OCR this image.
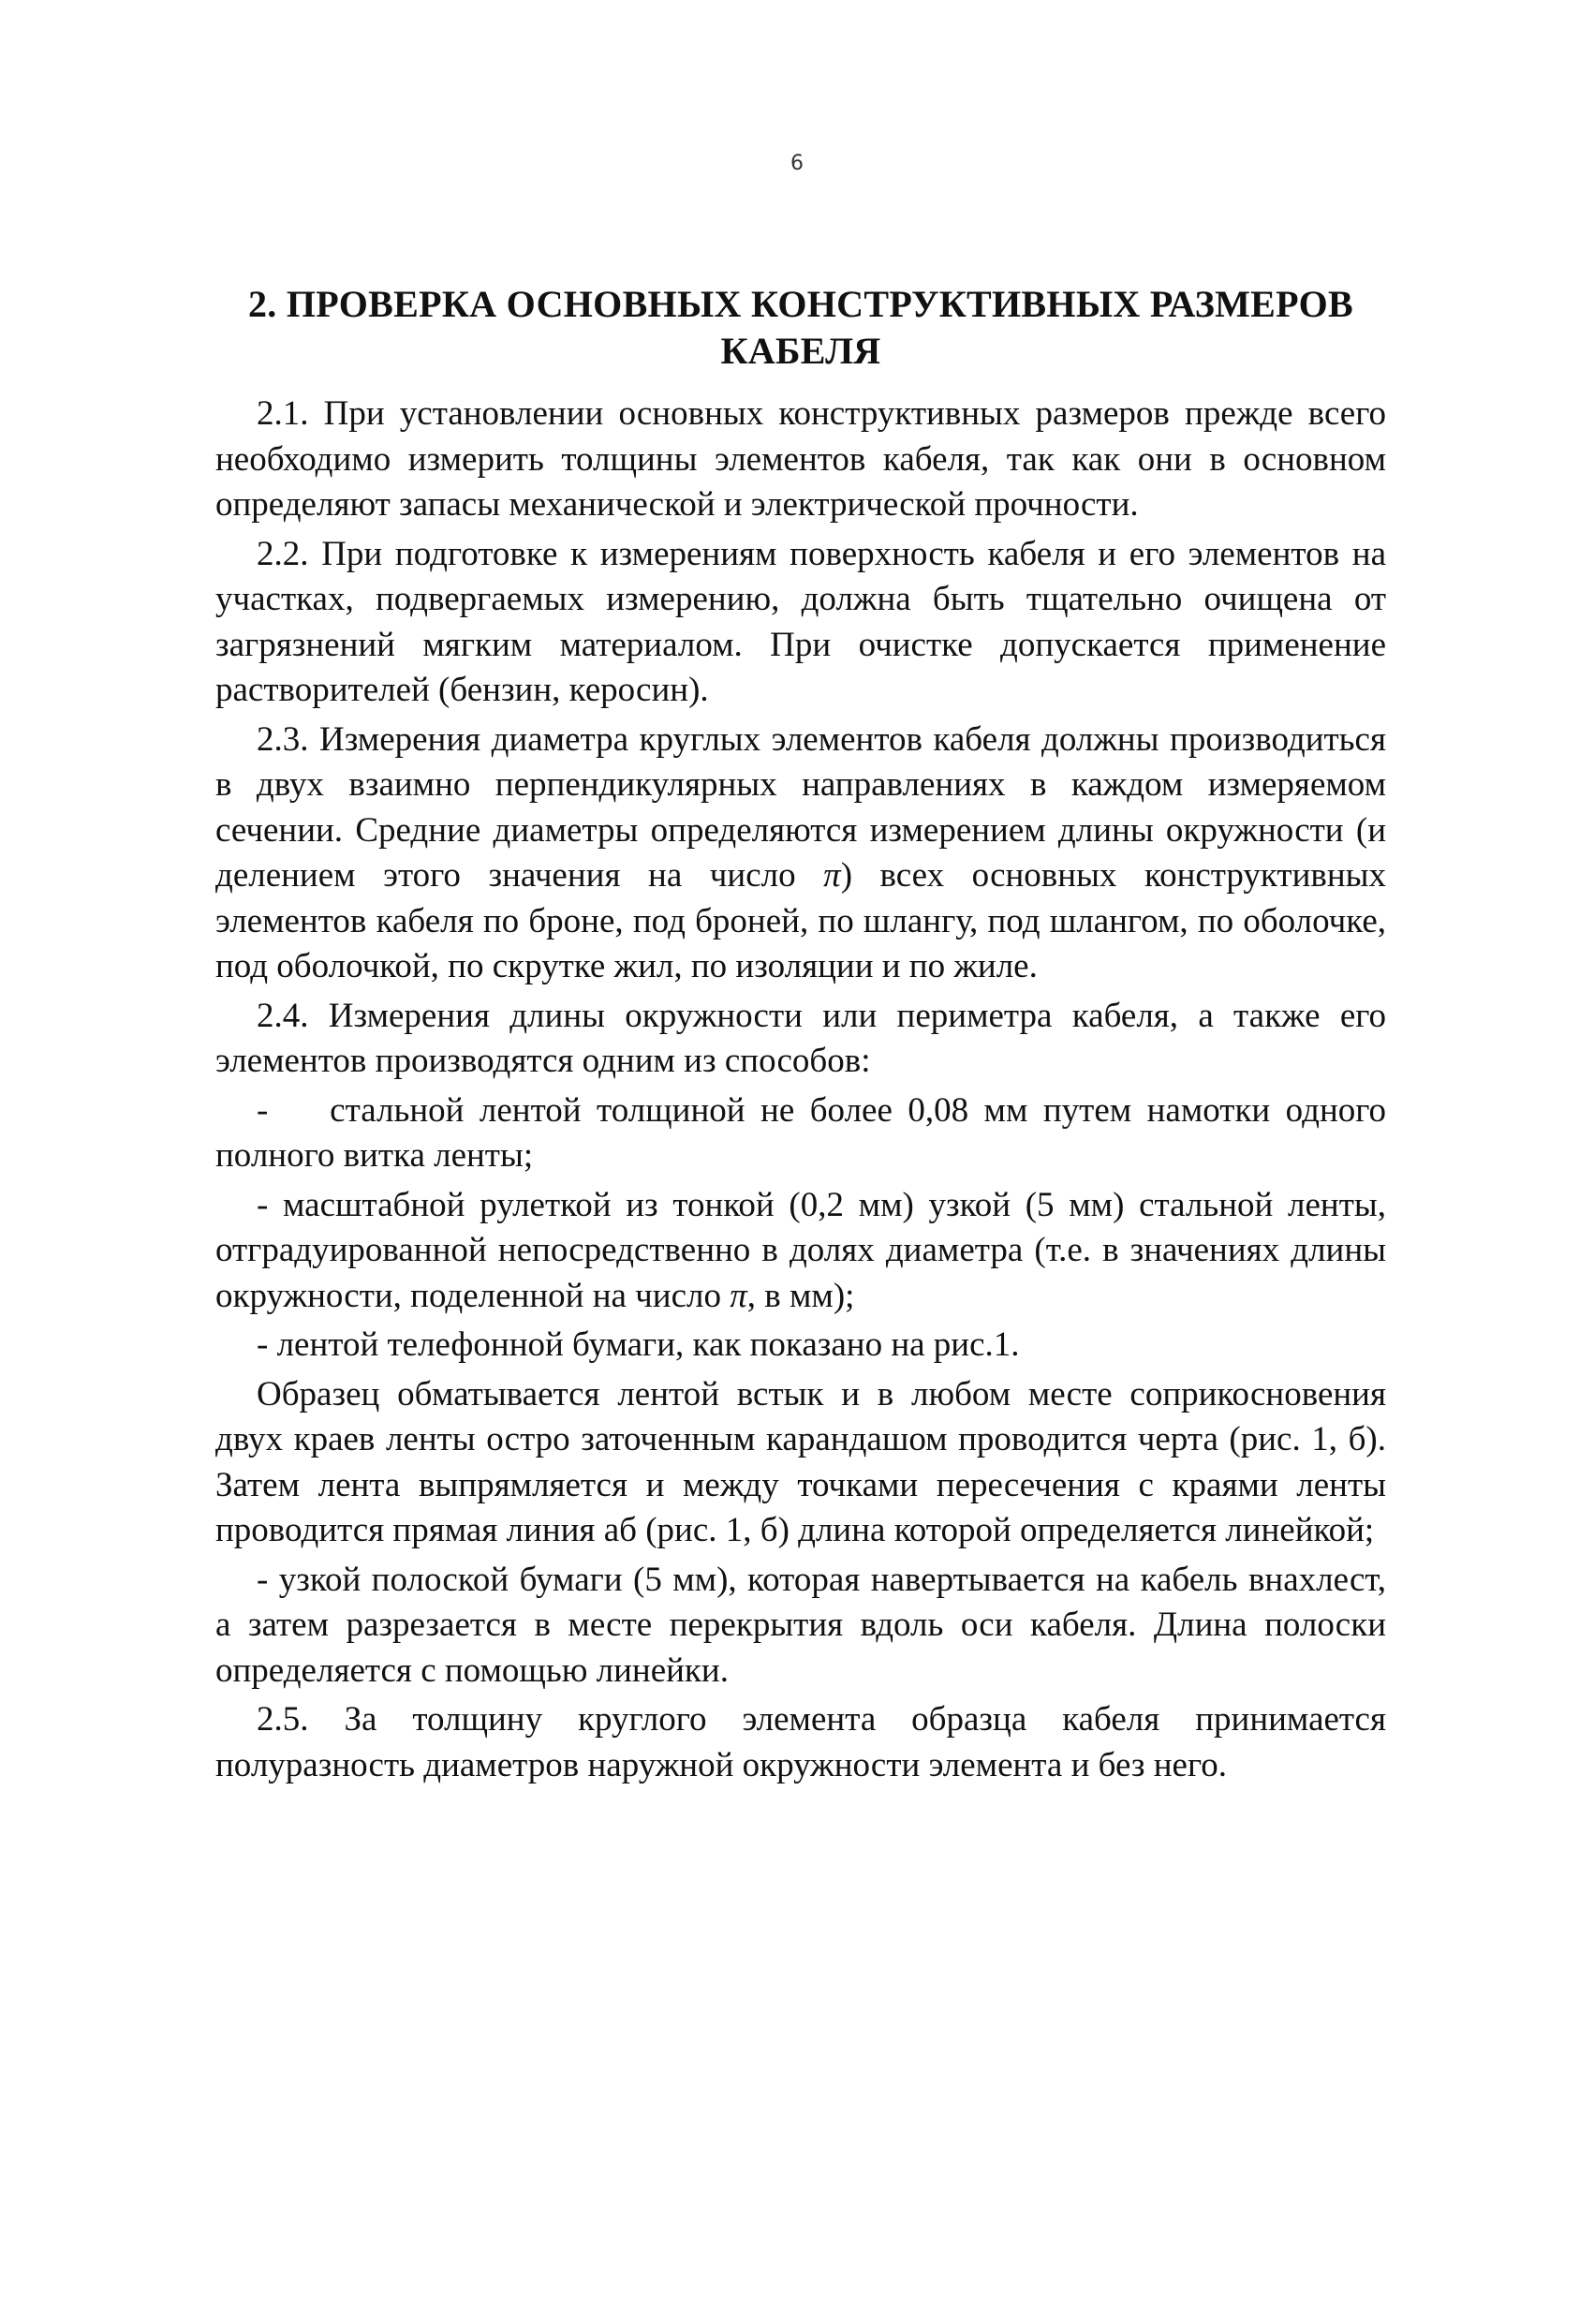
6
2. ПРОВЕРКА ОСНОВНЫХ КОНСТРУКТИВНЫХ РАЗМЕРОВ
КАБЕЛЯ

2.1. При установлении основных конструктивных размеров прежде всего необходимо измерить толщины элементов кабеля, так как они в основном определяют запасы механической и электрической прочности.

2.2. При подготовке к измерениям поверхность кабеля и его элементов на участках, подвергаемых измерению, должна быть тщательно очищена от загрязнений мягким материалом. При очистке допускается применение растворителей (бензин, керосин).

2.3. Измерения диаметра круглых элементов кабеля должны производиться в двух взаимно перпендикулярных направлениях в каждом измеряемом сечении. Средние диаметры определяются измерением длины окружности (и делением этого значения на число π) всех основных конструктивных элементов кабеля по броне, под броней, по шлангу, под шлангом, по оболочке, под оболочкой, по скрутке жил, по изоляции и по жиле.

2.4. Измерения длины окружности или периметра кабеля, а также его элементов производятся одним из способов:

-    стальной лентой толщиной не более 0,08 мм путем намотки одного полного витка ленты;

- масштабной рулеткой из тонкой (0,2 мм) узкой (5 мм) стальной ленты, отградуированной непосредственно в долях диаметра (т.е. в значениях длины окружности, поделенной на число π, в мм);

- лентой телефонной бумаги, как показано на рис.1.

Образец обматывается лентой встык и в любом месте соприкосновения двух краев ленты остро заточенным карандашом проводится черта (рис. 1, б). Затем лента выпрямляется и между точками пересечения с краями ленты проводится прямая линия аб (рис. 1, б) длина которой определяется линейкой;

- узкой полоской бумаги (5 мм), которая навертывается на кабель внахлест, а затем разрезается в месте перекрытия вдоль оси кабеля. Длина полоски определяется с помощью линейки.

2.5. За толщину круглого элемента образца кабеля принимается полуразность диаметров наружной окружности элемента и без него.
